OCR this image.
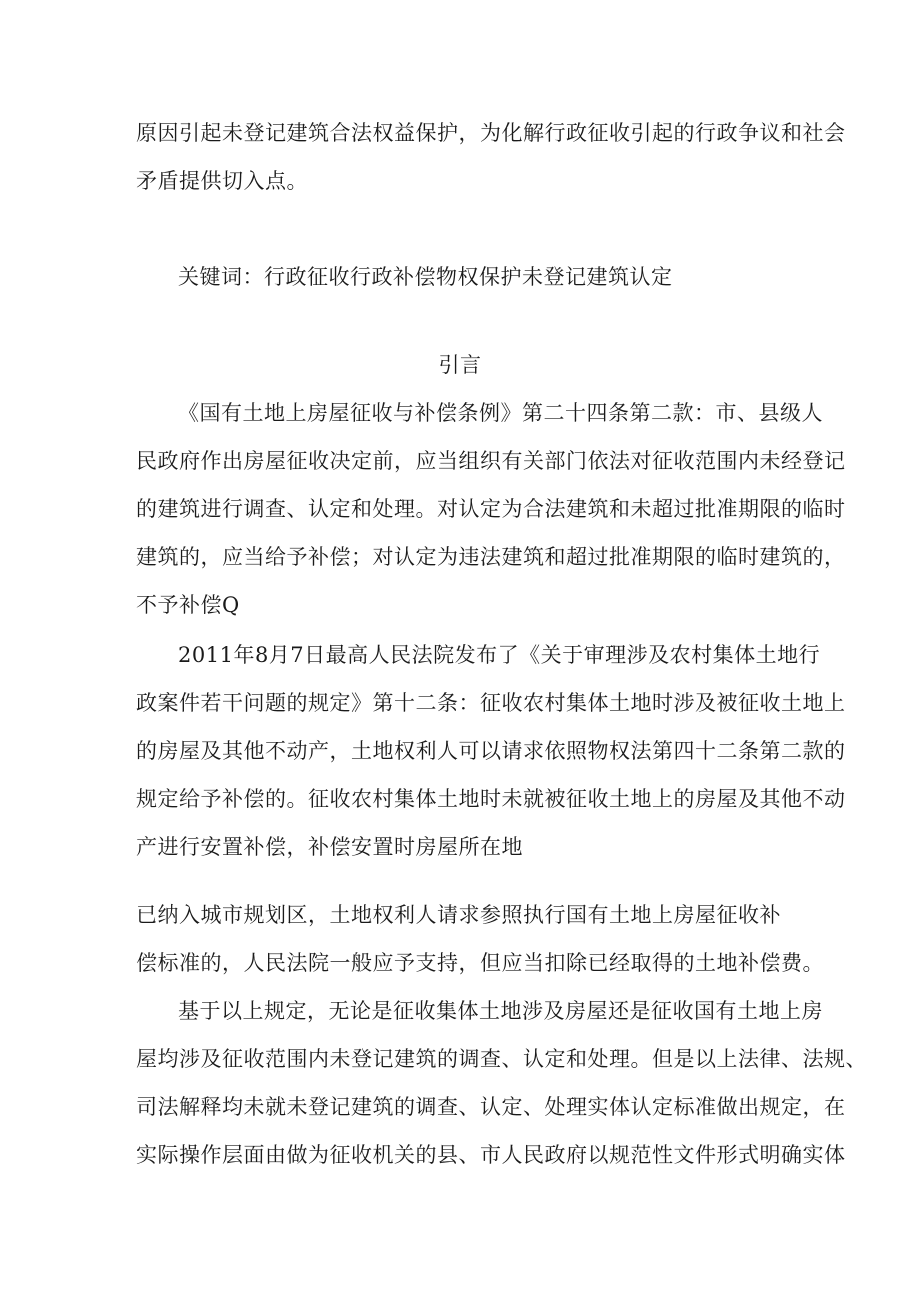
原因引起未登记建筑合法权益保护，为化解行政征收引起的行政争议和社会
矛盾提供切入点。
关键词：行政征收行政补偿物权保护未登记建筑认定
引言
《国有土地上房屋征收与补偿条例》第二十四条第二款：市、县级人
民政府作出房屋征收决定前，应当组织有关部门依法对征收范围内未经登记
的建筑进行调查、认定和处理。对认定为合法建筑和未超过批准期限的临时
建筑的，应当给予补偿；对认定为违法建筑和超过批准期限的临时建筑的，
不予补偿Q
2011年8月7日最高人民法院发布了《关于审理涉及农村集体土地行
政案件若干问题的规定》第十二条：征收农村集体土地时涉及被征收土地上
的房屋及其他不动产，土地权利人可以请求依照物权法第四十二条第二款的
规定给予补偿的。征收农村集体土地时未就被征收土地上的房屋及其他不动
产进行安置补偿，补偿安置时房屋所在地
已纳入城市规划区，土地权利人请求参照执行国有土地上房屋征收补
偿标准的，人民法院一般应予支持，但应当扣除已经取得的土地补偿费。
基于以上规定，无论是征收集体土地涉及房屋还是征收国有土地上房
屋均涉及征收范围内未登记建筑的调查、认定和处理。但是以上法律、法规、
司法解释均未就未登记建筑的调查、认定、处理实体认定标准做出规定，在
实际操作层面由做为征收机关的县、市人民政府以规范性文件形式明确实体
